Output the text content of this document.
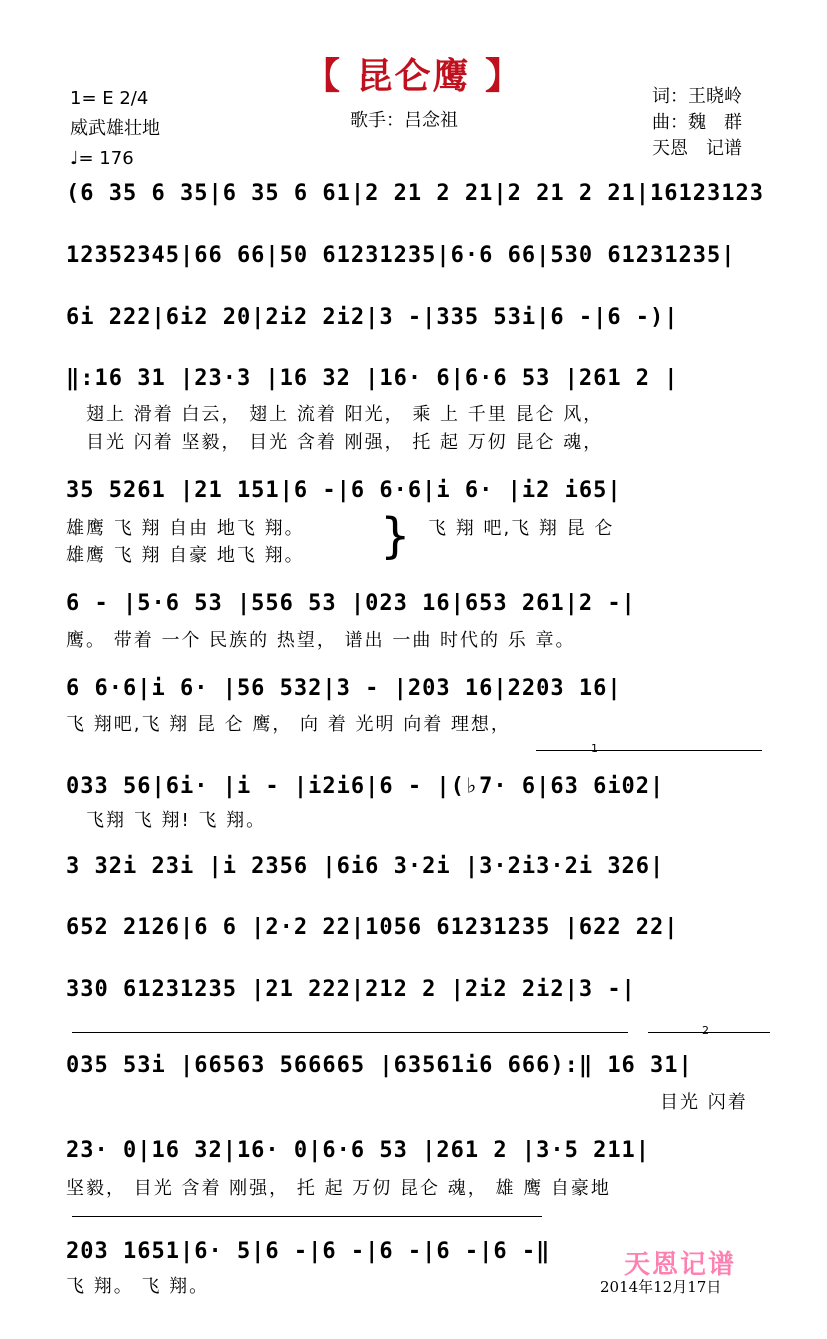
【 昆仑鹰 】
1= E 2/4
威武雄壮地
♩= 176
歌手：吕念祖
词：王晓岭
曲：魏　群
天恩　记谱
(6 35 6 35|6 35 6 61|2 21 2 21|2 21 2 21|16123123
12352345|66 66|50 61231235|6·6 66|530 61231235|
6i 222|6i2 20|2i2 2i2|3 -|335 53i|6 -|6 -)|
‖:16 31 |23·3 |16 32 |16· 6|6·6 53 |261 2 |
翅上 滑着 白云， 翅上 流着 阳光， 乘 上 千里 昆仑 风，
目光 闪着 坚毅， 目光 含着 刚强， 托 起 万仞 昆仑 魂，
35 5261 |21 151|6 -|6 6·6|i 6· |i2 i65|
雄鹰 飞 翔 自由 地飞 翔。
雄鹰 飞 翔 自豪 地飞 翔。 } 飞 翔 吧,飞 翔 昆 仑
6 - |5·6 53 |556 53 |023 16|653 261|2 -|
鹰。 带着 一个 民族的 热望， 谱出 一曲 时代的 乐 章。
6 6·6|i 6· |56 532|3 - |203 16|2203 16|
飞 翔吧,飞 翔 昆 仑 鹰， 向 着 光明 向着 理想，
1
033 56|6i· |i - |i2i6|6 - |(♭7· 6|63 6i02|
飞翔 飞 翔! 飞 翔。
3 32i 23i |i 2356 |6i6 3·2i |3·2i3·2i 326|
652 2126|6 6 |2·2 22|1056 61231235 |622 22|
330 61231235 |21 222|212 2 |2i2 2i2|3 -|
2
035 53i |66563 566665 |63561i6 666):‖ 16 31|
目光 闪着
23· 0|16 32|16· 0|6·6 53 |261 2 |3·5 211|
坚毅， 目光 含着 刚强， 托 起 万仞 昆仑 魂， 雄 鹰 自豪地
203 1651|6· 5|6 -|6 -|6 -|6 -|6 -‖
飞 翔。 飞 翔。
天恩记谱
2014年12月17日
